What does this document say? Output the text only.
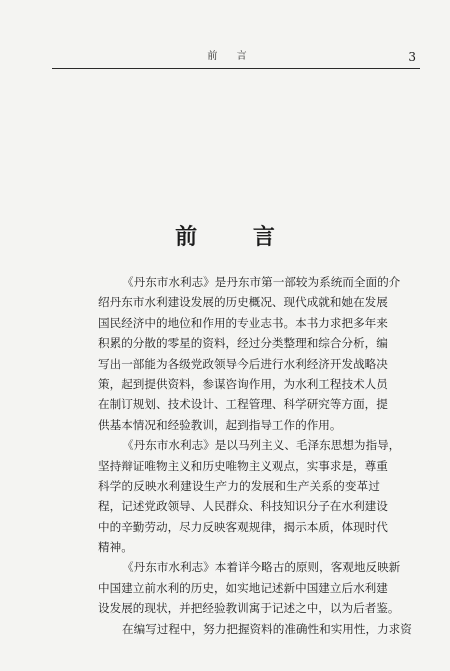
前 言	3
前 言
《丹东市水利志》是丹东市第一部较为系统而全面的介
绍丹东市水利建设发展的历史概况、现代成就和她在发展
国民经济中的地位和作用的专业志书。本书力求把多年来
积累的分散的零星的资料，经过分类整理和综合分析，编
写出一部能为各级党政领导今后进行水利经济开发战略决
策，起到提供资料，参谋咨询作用，为水利工程技术人员
在制订规划、技术设计、工程管理、科学研究等方面，提
供基本情况和经验教训，起到指导工作的作用。
《丹东市水利志》是以马列主义、毛泽东思想为指导，
坚持辩证唯物主义和历史唯物主义观点，实事求是，尊重
科学的反映水利建设生产力的发展和生产关系的变革过
程，记述党政领导、人民群众、科技知识分子在水利建设
中的辛勤劳动，尽力反映客观规律，揭示本质，体现时代
精神。
《丹东市水利志》本着详今略古的原则，客观地反映新
中国建立前水利的历史，如实地记述新中国建立后水利建
设发展的现状，并把经验教训寓于记述之中，以为后者鉴。
在编写过程中，努力把握资料的准确性和实用性，力求资
